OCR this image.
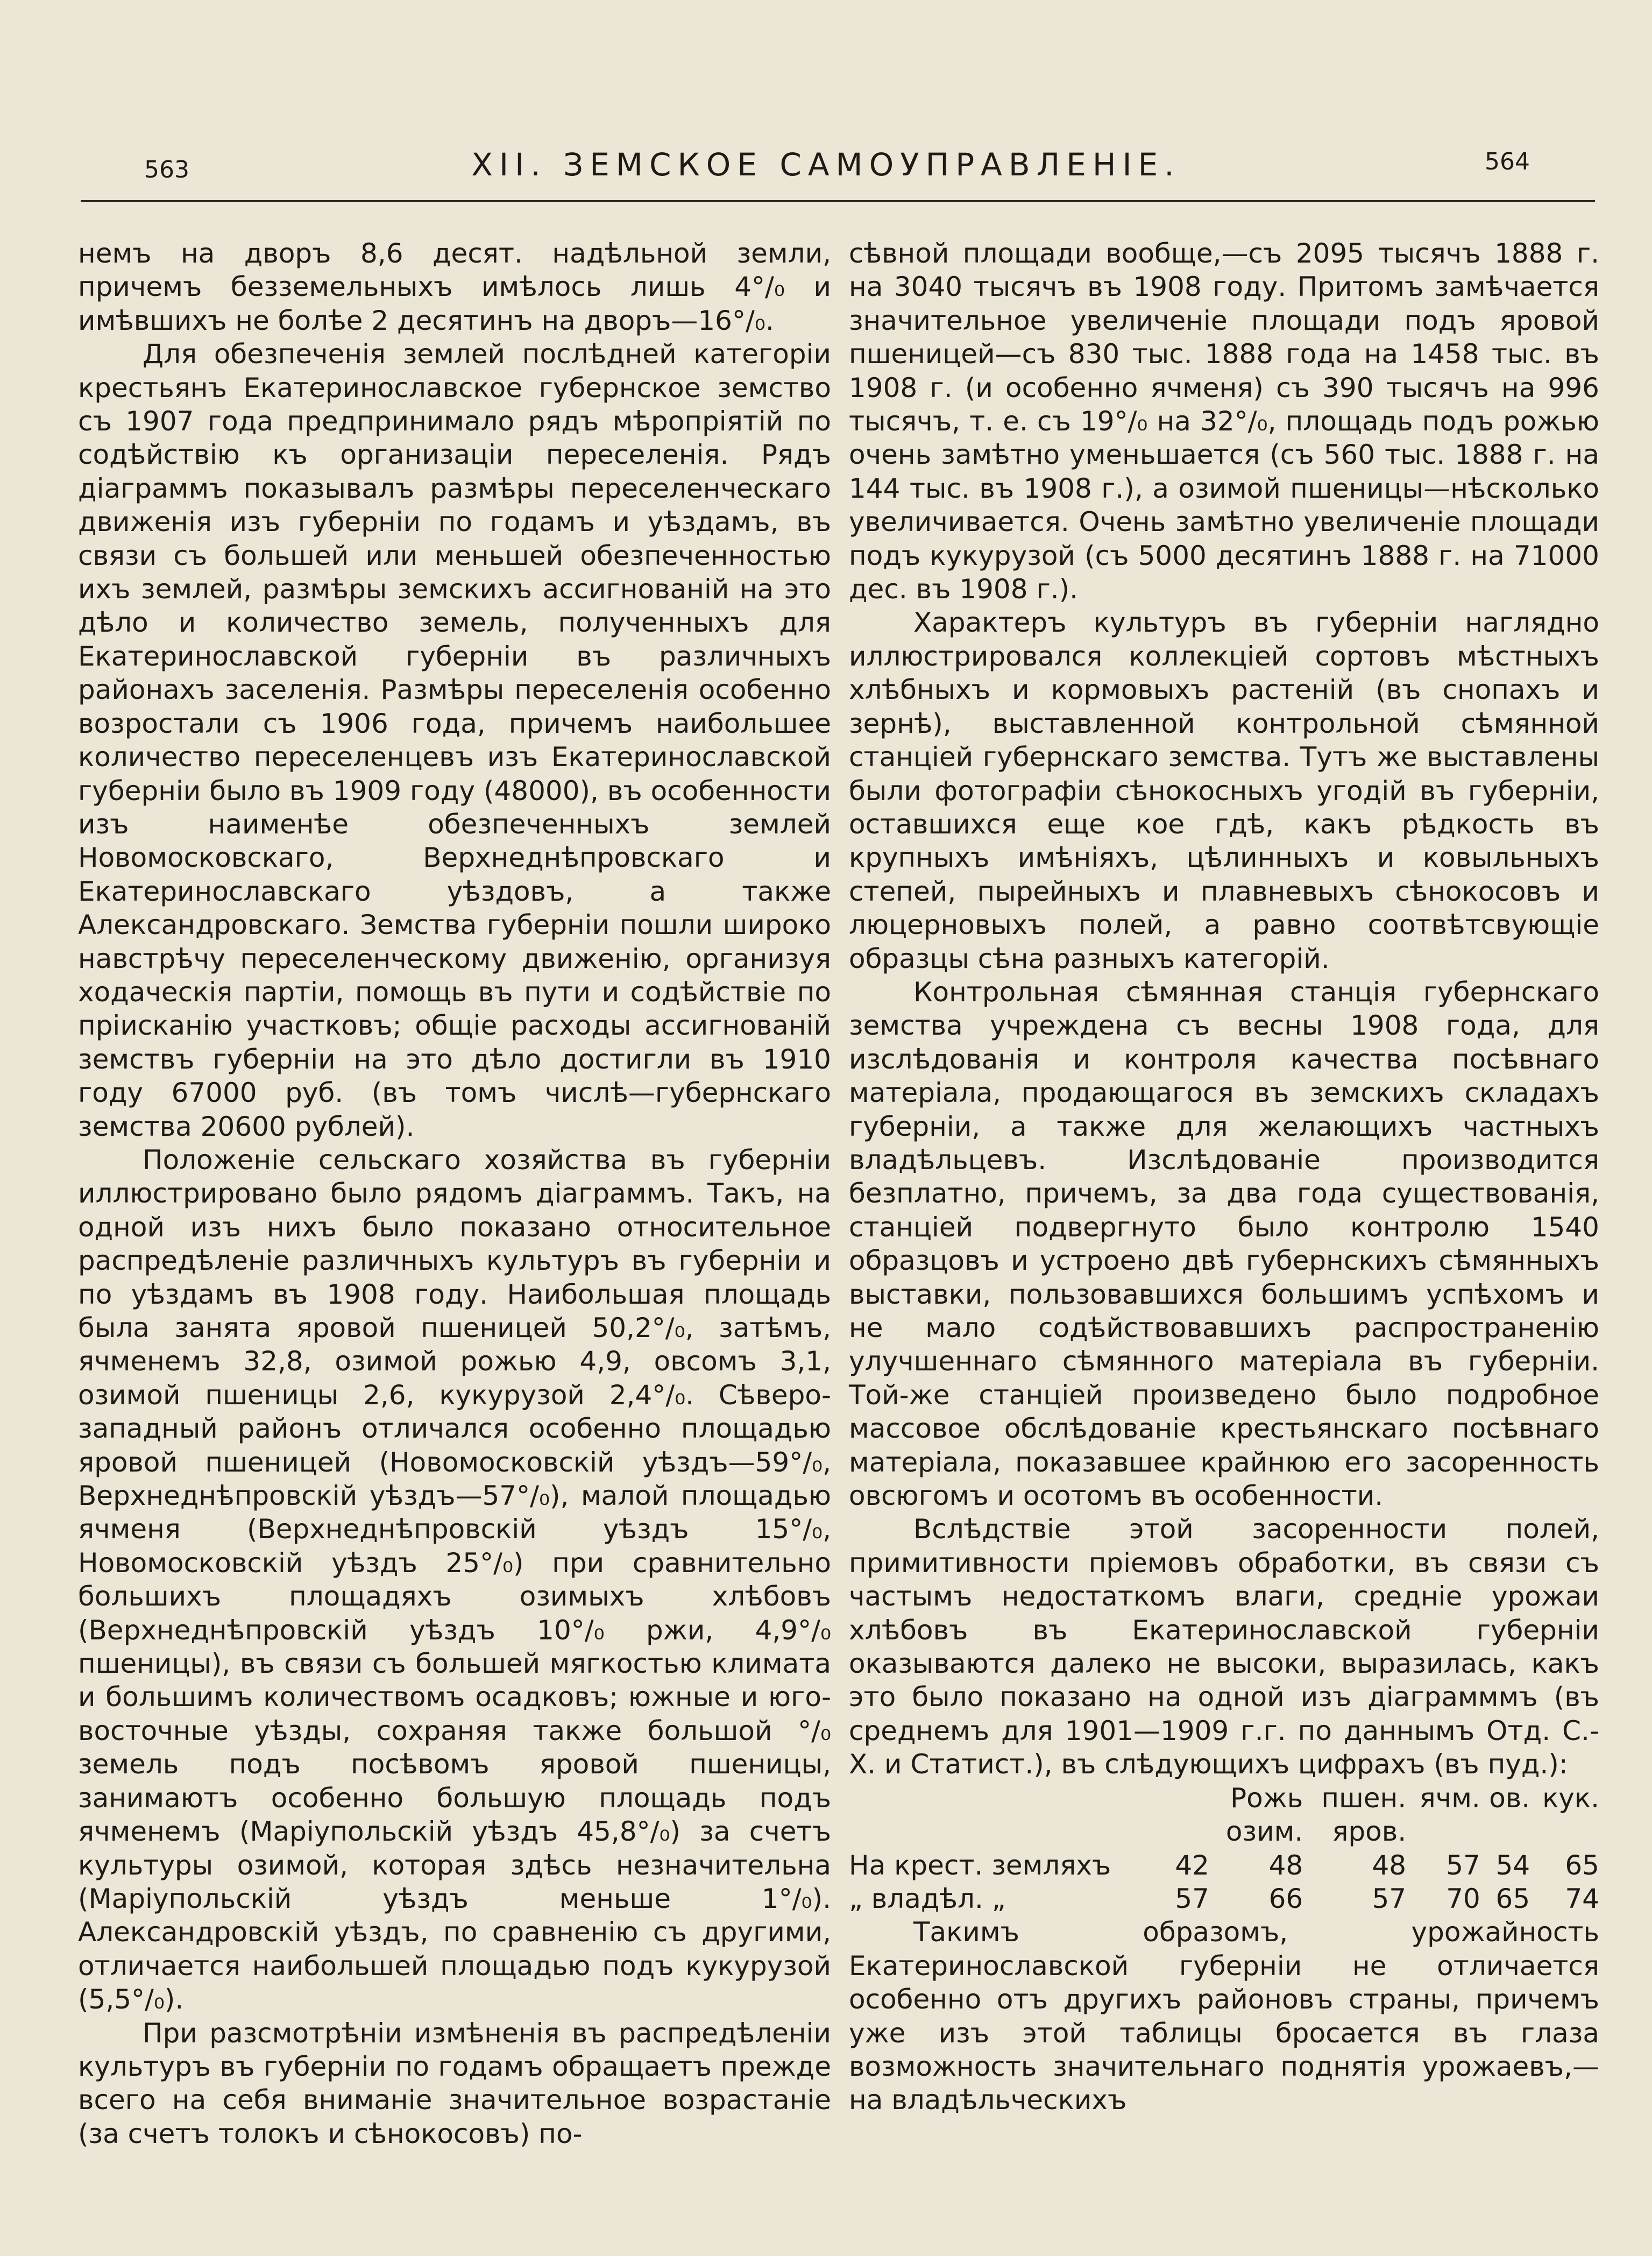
563	XII. ЗЕМСКОЕ САМОУПРАВЛЕНIЕ.	564

немъ на дворъ 8,6 десят. надѣльной земли, причемъ безземельныхъ имѣлось лишь 4°/₀ и имѣвшихъ не болѣе 2 десятинъ на дворъ—16°/₀.

Для обезпеченія землей послѣдней категоріи крестьянъ Екатеринославское губернское земство съ 1907 года предпринимало рядъ мѣропріятій по содѣйствію къ организаціи переселенія. Рядъ діаграммъ показывалъ размѣры переселенческаго движенія изъ губерніи по годамъ и уѣздамъ, въ связи съ большей или меньшей обезпеченностью ихъ землей, размѣры земскихъ ассигнованій на это дѣло и количество земель, полученныхъ для Екатеринославской губерніи въ различныхъ районахъ заселенія. Размѣры переселенія особенно возростали съ 1906 года, причемъ наибольшее количество переселенцевъ изъ Екатеринославской губерніи было въ 1909 году (48000), въ особенности изъ наименѣе обезпеченныхъ землей Новомосковскаго, Верхнеднѣпровскаго и Екатеринославскаго уѣздовъ, а также Александровскаго. Земства губерніи пошли широко навстрѣчу переселенческому движенію, организуя ходаческія партіи, помощь въ пути и содѣйствіе по пріисканію участковъ; общіе расходы ассигнованій земствъ губерніи на это дѣло достигли въ 1910 году 67000 руб. (въ томъ числѣ—губернскаго земства 20600 рублей).

Положеніе сельскаго хозяйства въ губерніи иллюстрировано было рядомъ діаграммъ. Такъ, на одной изъ нихъ было показано относительное распредѣленіе различныхъ культуръ въ губерніи и по уѣздамъ въ 1908 году. Наибольшая площадь была занята яровой пшеницей 50,2°/₀, затѣмъ, ячменемъ 32,8, озимой рожью 4,9, овсомъ 3,1, озимой пшеницы 2,6, кукурузой 2,4°/₀. Сѣверо-западный районъ отличался особенно площадью яровой пшеницей (Новомосковскій уѣздъ—59°/₀, Верхнеднѣпровскій уѣздъ—57°/₀), малой площадью ячменя (Верхнеднѣпровскій уѣздъ 15°/₀, Новомосковскій уѣздъ 25°/₀) при сравнительно большихъ площадяхъ озимыхъ хлѣбовъ (Верхнеднѣпровскій уѣздъ 10°/₀ ржи, 4,9°/₀ пшеницы), въ связи съ большей мягкостью климата и большимъ количествомъ осадковъ; южные и юго-восточные уѣзды, сохраняя также большой °/₀ земель подъ посѣвомъ яровой пшеницы, занимаютъ особенно большую площадь подъ ячменемъ (Маріупольскій уѣздъ 45,8°/₀) за счетъ культуры озимой, которая здѣсь незначительна (Маріупольскій уѣздъ меньше 1°/₀). Александровскій уѣздъ, по сравненію съ другими, отличается наибольшей площадью подъ кукурузой (5,5°/₀).

При разсмотрѣніи измѣненія въ распредѣленіи культуръ въ губерніи по годамъ обращаетъ прежде всего на себя вниманіе значительное возрастаніе (за счетъ толокъ и сѣнокосовъ) по-

сѣвной площади вообще,—съ 2095 тысячъ 1888 г. на 3040 тысячъ въ 1908 году. Притомъ замѣчается значительное увеличеніе площади подъ яровой пшеницей—съ 830 тыс. 1888 года на 1458 тыс. въ 1908 г. (и особенно ячменя) съ 390 тысячъ на 996 тысячъ, т. е. съ 19°/₀ на 32°/₀, площадь подъ рожью очень замѣтно уменьшается (съ 560 тыс. 1888 г. на 144 тыс. въ 1908 г.), а озимой пшеницы—нѣсколько увеличивается. Очень замѣтно увеличеніе площади подъ кукурузой (съ 5000 десятинъ 1888 г. на 71000 дес. въ 1908 г.).

Характеръ культуръ въ губерніи наглядно иллюстрировался коллекціей сортовъ мѣстныхъ хлѣбныхъ и кормовыхъ растеній (въ снопахъ и зернѣ), выставленной контрольной сѣмянной станціей губернскаго земства. Тутъ же выставлены были фотографіи сѣнокосныхъ угодій въ губерніи, оставшихся еще кое гдѣ, какъ рѣдкость въ крупныхъ имѣніяхъ, цѣлинныхъ и ковыльныхъ степей, пырейныхъ и плавневыхъ сѣнокосовъ и люцерновыхъ полей, а равно соотвѣтсвующіе образцы сѣна разныхъ категорій.

Контрольная сѣмянная станція губернскаго земства учреждена съ весны 1908 года, для изслѣдованія и контроля качества посѣвнаго матеріала, продающагося въ земскихъ складахъ губерніи, а также для желающихъ частныхъ владѣльцевъ. Изслѣдованіе производится безплатно, причемъ, за два года существованія, станціей подвергнуто было контролю 1540 образцовъ и устроено двѣ губернскихъ сѣмянныхъ выставки, пользовавшихся большимъ успѣхомъ и не мало содѣйствовавшихъ распространенію улучшеннаго сѣмянного матеріала въ губерніи. Той-же станціей произведено было подробное массовое обслѣдованіе крестьянскаго посѣвнаго матеріала, показавшее крайнюю его засоренность овсюгомъ и осотомъ въ особенности.

Вслѣдствіе этой засоренности полей, примитивности пріемовъ обработки, въ связи съ частымъ недостаткомъ влаги, средніе урожаи хлѣбовъ въ Екатеринославской губерніи оказываются далеко не высоки, выразилась, какъ это было показано на одной изъ діаграмммъ (въ среднемъ для 1901—1909 г.г. по даннымъ Отд. С.-Х. и Статист.), въ слѣдующихъ цифрахъ (въ пуд.):

	Рожь		пшен.	ячм.	ов.	кук.
		озим.	яров.			
На крест. земляхъ	42	48	48	57	54	65
„ владѣл. „	57	66	57	70	65	74

Такимъ образомъ, урожайность Екатеринославской губерніи не отличается особенно отъ другихъ районовъ страны, причемъ уже изъ этой таблицы бросается въ глаза возможность значительнаго поднятія урожаевъ,—на владѣльческихъ
